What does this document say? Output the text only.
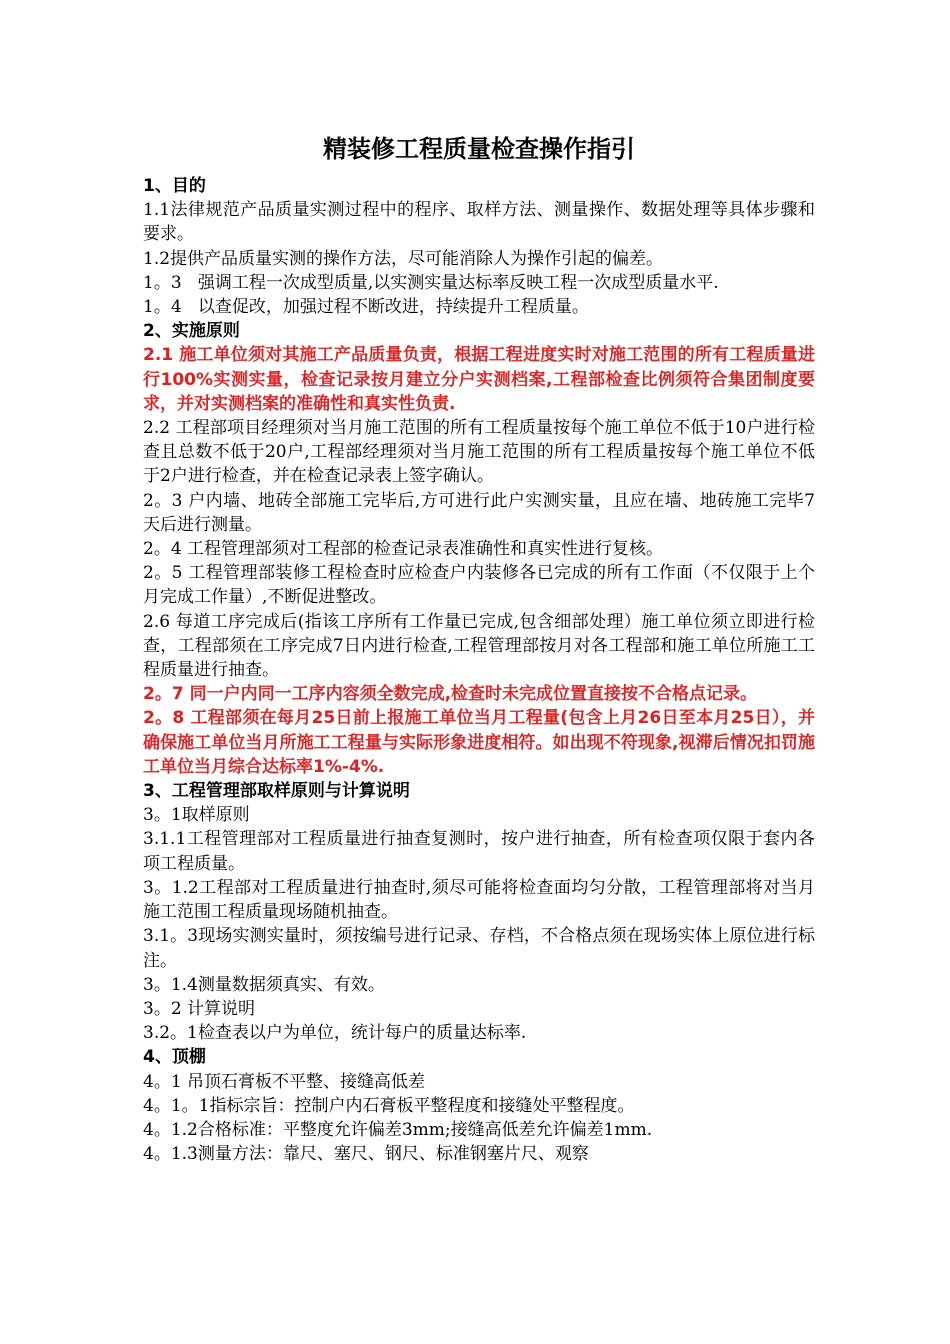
精装修工程质量检查操作指引

1、目的

1.1法律规范产品质量实测过程中的程序、取样方法、测量操作、数据处理等具体步骤和要求。

1.2提供产品质量实测的操作方法，尽可能消除人为操作引起的偏差。

1。3   强调工程一次成型质量,以实测实量达标率反映工程一次成型质量水平.

1。4   以查促改，加强过程不断改进，持续提升工程质量。

2、实施原则

2.1 施工单位须对其施工产品质量负责，根据工程进度实时对施工范围的所有工程质量进行100%实测实量，检查记录按月建立分户实测档案,工程部检查比例须符合集团制度要求，并对实测档案的准确性和真实性负责.

2.2 工程部项目经理须对当月施工范围的所有工程质量按每个施工单位不低于10户进行检查且总数不低于20户,工程部经理须对当月施工范围的所有工程质量按每个施工单位不低于2户进行检查，并在检查记录表上签字确认。

2。3 户内墙、地砖全部施工完毕后,方可进行此户实测实量，且应在墙、地砖施工完毕7天后进行测量。

2。4 工程管理部须对工程部的检查记录表准确性和真实性进行复核。

2。5 工程管理部装修工程检查时应检查户内装修各已完成的所有工作面（不仅限于上个月完成工作量）,不断促进整改。

2.6 每道工序完成后(指该工序所有工作量已完成,包含细部处理）施工单位须立即进行检查，工程部须在工序完成7日内进行检查,工程管理部按月对各工程部和施工单位所施工工程质量进行抽查。

2。7 同一户内同一工序内容须全数完成,检查时未完成位置直接按不合格点记录。

2。8 工程部须在每月25日前上报施工单位当月工程量(包含上月26日至本月25日），并确保施工单位当月所施工工程量与实际形象进度相符。如出现不符现象,视滞后情况扣罚施工单位当月综合达标率1%-4%.

3、工程管理部取样原则与计算说明

3。1取样原则

3.1.1工程管理部对工程质量进行抽查复测时，按户进行抽查，所有检查项仅限于套内各项工程质量。

3。1.2工程部对工程质量进行抽查时,须尽可能将检查面均匀分散，工程管理部将对当月施工范围工程质量现场随机抽查。

3.1。3现场实测实量时，须按编号进行记录、存档，不合格点须在现场实体上原位进行标注。

3。1.4测量数据须真实、有效。

3。2 计算说明

3.2。1检查表以户为单位，统计每户的质量达标率.

4、顶棚

4。1 吊顶石膏板不平整、接缝高低差

4。1。1指标宗旨：控制户内石膏板平整程度和接缝处平整程度。

4。1.2合格标准：平整度允许偏差3mm;接缝高低差允许偏差1mm.

4。1.3测量方法：靠尺、塞尺、钢尺、标准钢塞片尺、观察
